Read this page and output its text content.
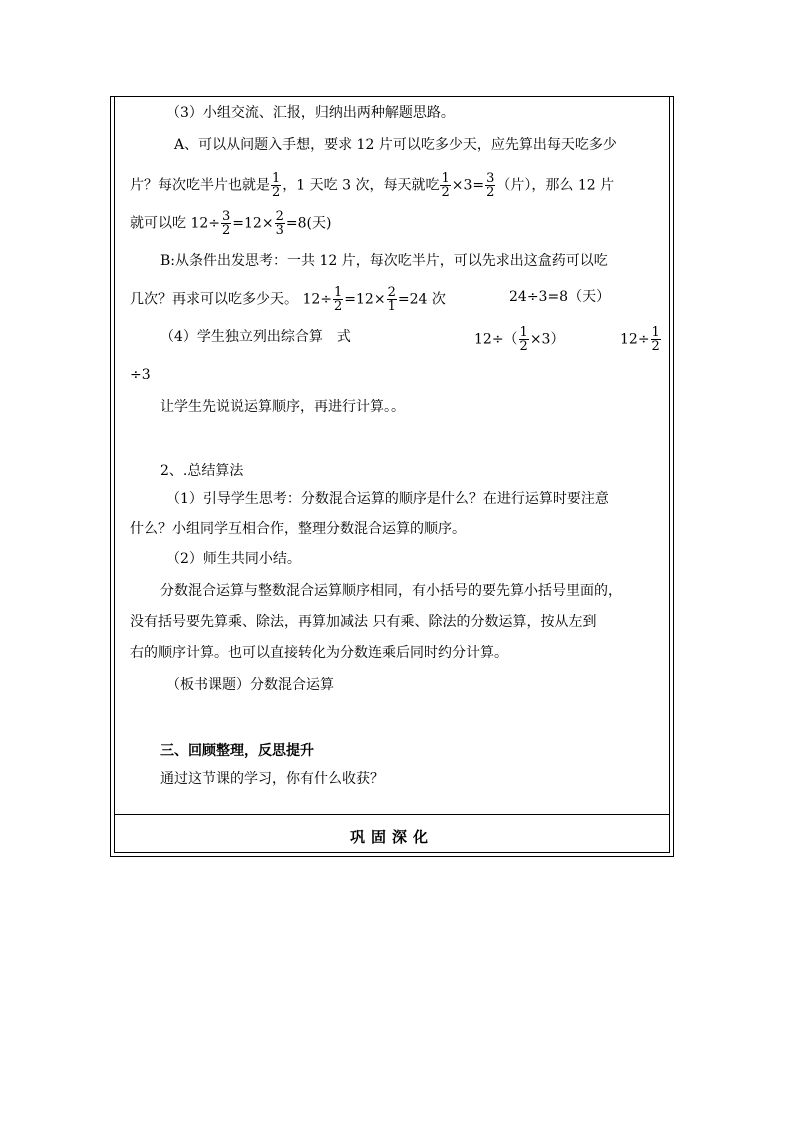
（3）小组交流、汇报，归纳出两种解题思路。
A、可以从问题入手想，要求 12 片可以吃多少天，应先算出每天吃多少
片？每次吃半片也就是 $\frac{1}{2}$ ，1 天吃 3 次，每天就吃 $\frac{1}{2} \times 3= \frac{3}{2}$ （片），那么 12 片
就可以吃 $12\div \frac{3}{2} =12\times \frac{2}{3} =8$(天)
B:从条件出发思考：一共 12 片，每次吃半片，可以先求出这盒药可以吃
几次？再求可以吃多少天。 $12\div \frac{1}{2} =12\times \frac{2}{1} =24$ 次	24÷3=8（天）
（4）学生独立列出综合算　式	$12\div( \frac{1}{2} \times 3)$	$12\div \frac{1}{2}$
÷3
让学生先说说运算顺序，再进行计算。。
2、.总结算法
（1）引导学生思考：分数混合运算的顺序是什么？在进行运算时要注意
什么？小组同学互相合作，整理分数混合运算的顺序。
（2）师生共同小结。
分数混合运算与整数混合运算顺序相同，有小括号的要先算小括号里面的，
没有括号要先算乘、除法，再算加减法 只有乘、除法的分数运算，按从左到
右的顺序计算。也可以直接转化为分数连乘后同时约分计算。
（板书课题）分数混合运算
三、回顾整理，反思提升
通过这节课的学习，你有什么收获？
巩固深化
